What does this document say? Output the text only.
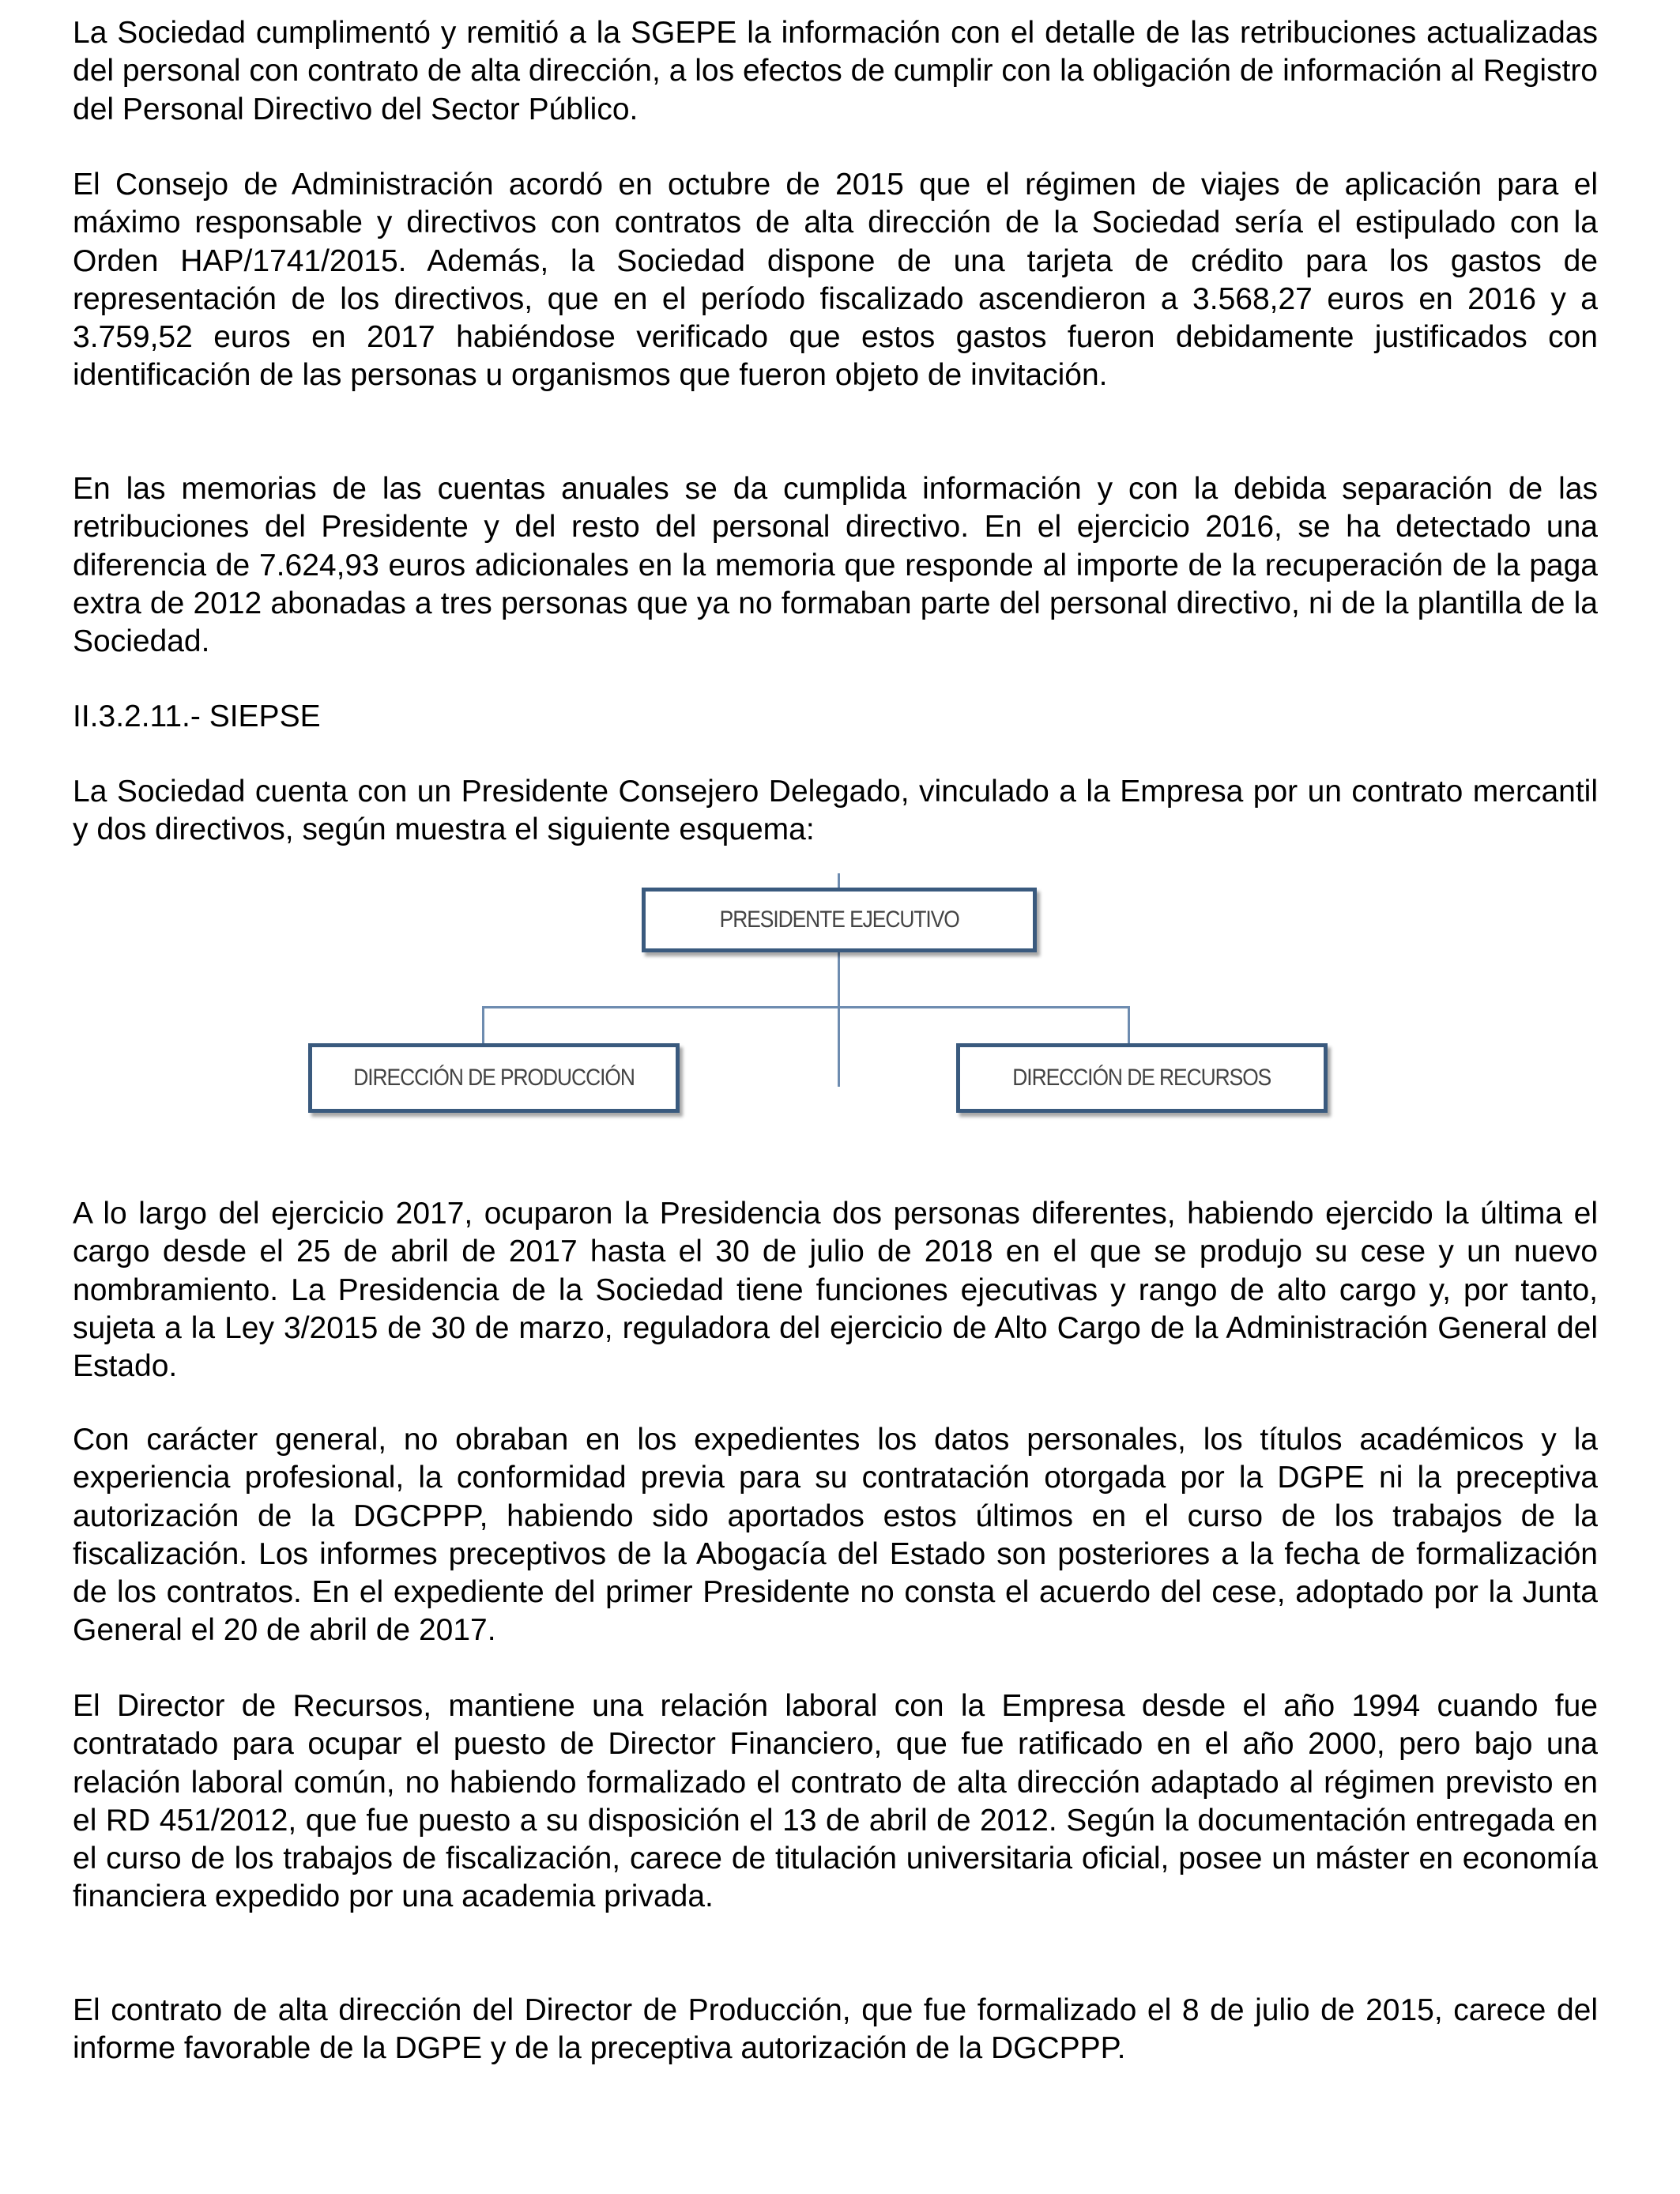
La Sociedad cumplimentó y remitió a la SGEPE la información con el detalle de las retribuciones actualizadas del personal con contrato de alta dirección, a los efectos de cumplir con la obligación de información al Registro del Personal Directivo del Sector Público.

El Consejo de Administración acordó en octubre de 2015 que el régimen de viajes de aplicación para el máximo responsable y directivos con contratos de alta dirección de la Sociedad sería el estipulado con la Orden HAP/1741/2015. Además, la Sociedad dispone de una tarjeta de crédito para los gastos de representación de los directivos, que en el período fiscalizado ascendieron a 3.568,27 euros en 2016 y a 3.759,52 euros en 2017 habiéndose verificado que estos gastos fueron debidamente justificados con identificación de las personas u organismos que fueron objeto de invitación.

En las memorias de las cuentas anuales se da cumplida información y con la debida separación de las retribuciones del Presidente y del resto del personal directivo. En el ejercicio 2016, se ha detectado una diferencia de 7.624,93 euros adicionales en la memoria que responde al importe de la recuperación de la paga extra de 2012 abonadas a tres personas que ya no formaban parte del personal directivo, ni de la plantilla de la Sociedad.

II.3.2.11.- SIEPSE

La Sociedad cuenta con un Presidente Consejero Delegado, vinculado a la Empresa por un contrato mercantil y dos directivos, según muestra el siguiente esquema:

PRESIDENTE EJECUTIVO
DIRECCIÓN DE PRODUCCIÓN	DIRECCIÓN DE RECURSOS

A lo largo del ejercicio 2017, ocuparon la Presidencia dos personas diferentes, habiendo ejercido la última el cargo desde el 25 de abril de 2017 hasta el 30 de julio de 2018 en el que se produjo su cese y un nuevo nombramiento. La Presidencia de la Sociedad tiene funciones ejecutivas y rango de alto cargo y, por tanto, sujeta a la Ley 3/2015 de 30 de marzo, reguladora del ejercicio de Alto Cargo de la Administración General del Estado.

Con carácter general, no obraban en los expedientes los datos personales, los títulos académicos y la experiencia profesional, la conformidad previa para su contratación otorgada por la DGPE ni la preceptiva autorización de la DGCPPP, habiendo sido aportados estos últimos en el curso de los trabajos de la fiscalización. Los informes preceptivos de la Abogacía del Estado son posteriores a la fecha de formalización de los contratos. En el expediente del primer Presidente no consta el acuerdo del cese, adoptado por la Junta General el 20 de abril de 2017.

El Director de Recursos, mantiene una relación laboral con la Empresa desde el año 1994 cuando fue contratado para ocupar el puesto de Director Financiero, que fue ratificado en el año 2000, pero bajo una relación laboral común, no habiendo formalizado el contrato de alta dirección adaptado al régimen previsto en el RD 451/2012, que fue puesto a su disposición el 13 de abril de 2012. Según la documentación entregada en el curso de los trabajos de fiscalización, carece de titulación universitaria oficial, posee un máster en economía financiera expedido por una academia privada.

El contrato de alta dirección del Director de Producción, que fue formalizado el 8 de julio de 2015, carece del informe favorable de la DGPE y de la preceptiva autorización de la DGCPPP.
